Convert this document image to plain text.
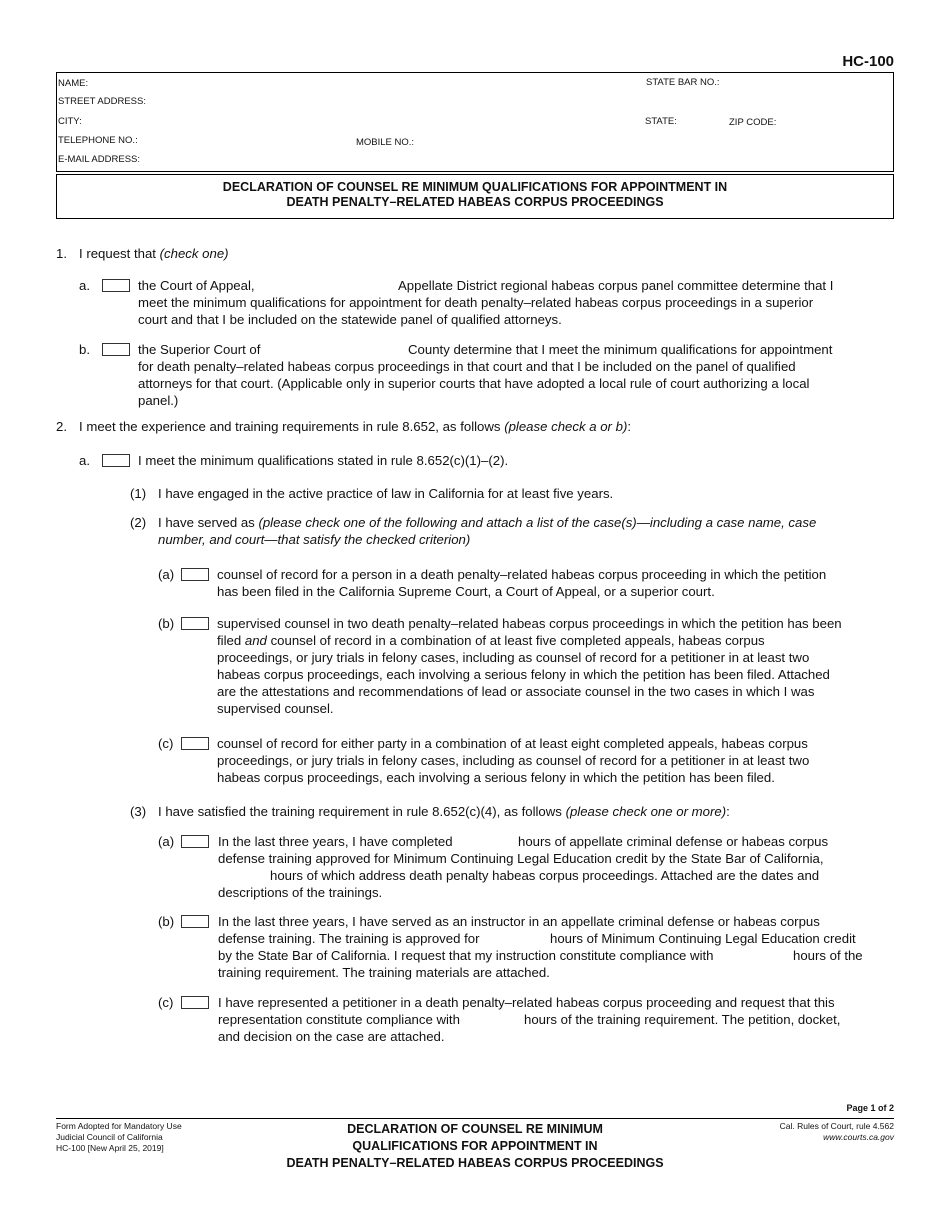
HC-100
NAME:	STATE BAR NO.:
STREET ADDRESS:
CITY:	STATE:	ZIP CODE:
TELEPHONE NO.:	MOBILE NO.:
E-MAIL ADDRESS:
DECLARATION OF COUNSEL RE MINIMUM QUALIFICATIONS FOR APPOINTMENT IN
DEATH PENALTY–RELATED HABEAS CORPUS PROCEEDINGS
1. I request that (check one)
a.	the Court of Appeal,	Appellate District regional habeas corpus panel committee determine that I
meet the minimum qualifications for appointment for death penalty–related habeas corpus proceedings in a superior
court and that I be included on the statewide panel of qualified attorneys.
b.	the Superior Court of	County determine that I meet the minimum qualifications for appointment
for death penalty–related habeas corpus proceedings in that court and that I be included on the panel of qualified
attorneys for that court. (Applicable only in superior courts that have adopted a local rule of court authorizing a local
panel.)
2. I meet the experience and training requirements in rule 8.652, as follows (please check a or b):
a.	I meet the minimum qualifications stated in rule 8.652(c)(1)–(2).
(1) I have engaged in the active practice of law in California for at least five years.
(2) I have served as (please check one of the following and attach a list of the case(s)—including a case name, case
number, and court—that satisfy the checked criterion)
(a)	counsel of record for a person in a death penalty–related habeas corpus proceeding in which the petition
has been filed in the California Supreme Court, a Court of Appeal, or a superior court.
(b)	supervised counsel in two death penalty–related habeas corpus proceedings in which the petition has been
filed and counsel of record in a combination of at least five completed appeals, habeas corpus
proceedings, or jury trials in felony cases, including as counsel of record for a petitioner in at least two
habeas corpus proceedings, each involving a serious felony in which the petition has been filed. Attached
are the attestations and recommendations of lead or associate counsel in the two cases in which I was
supervised counsel.
(c)	counsel of record for either party in a combination of at least eight completed appeals, habeas corpus
proceedings, or jury trials in felony cases, including as counsel of record for a petitioner in at least two
habeas corpus proceedings, each involving a serious felony in which the petition has been filed.
(3) I have satisfied the training requirement in rule 8.652(c)(4), as follows (please check one or more):
(a)	In the last three years, I have completed	hours of appellate criminal defense or habeas corpus
defense training approved for Minimum Continuing Legal Education credit by the State Bar of California,
hours of which address death penalty habeas corpus proceedings. Attached are the dates and
descriptions of the trainings.
(b)	In the last three years, I have served as an instructor in an appellate criminal defense or habeas corpus
defense training. The training is approved for	hours of Minimum Continuing Legal Education credit
by the State Bar of California. I request that my instruction constitute compliance with	hours of the
training requirement. The training materials are attached.
(c)	I have represented a petitioner in a death penalty–related habeas corpus proceeding and request that this
representation constitute compliance with	hours of the training requirement. The petition, docket,
and decision on the case are attached.
Page 1 of 2
Form Adopted for Mandatory Use
Judicial Council of California
HC-100 [New April 25, 2019]
DECLARATION OF COUNSEL RE MINIMUM
QUALIFICATIONS FOR APPOINTMENT IN
DEATH PENALTY–RELATED HABEAS CORPUS PROCEEDINGS
Cal. Rules of Court, rule 4.562
www.courts.ca.gov
